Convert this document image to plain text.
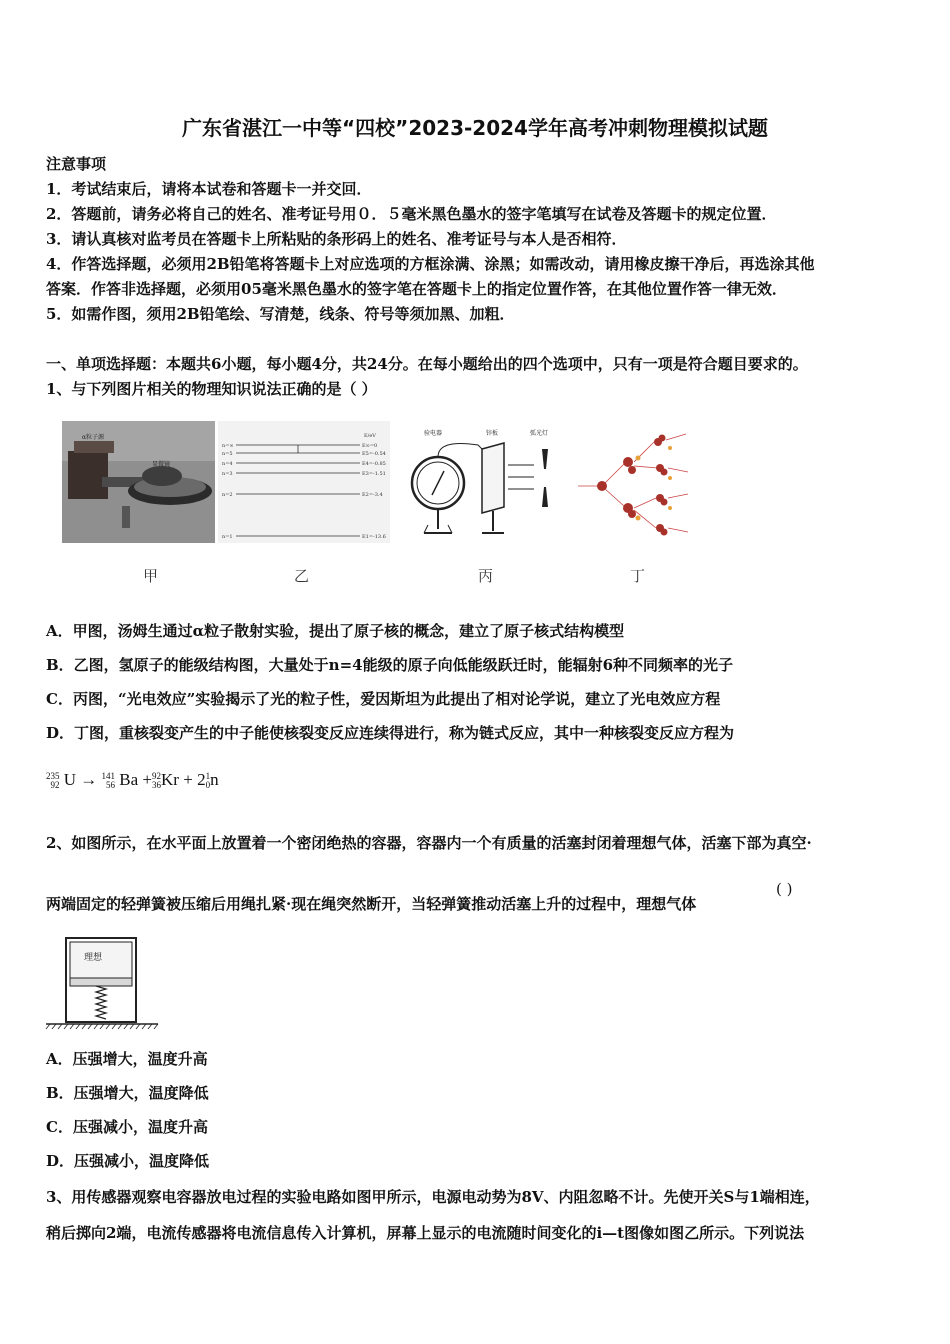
广东省湛江一中等“四校”2023-2024学年高考冲刺物理模拟试题
注意事项
1．考试结束后，请将本试卷和答题卡一并交回．
2．答题前，请务必将自己的姓名、准考证号用０．５毫米黑色墨水的签字笔填写在试卷及答题卡的规定位置．
3．请认真核对监考员在答题卡上所粘贴的条形码上的姓名、准考证号与本人是否相符．
4．作答选择题，必须用2B铅笔将答题卡上对应选项的方框涂满、涂黑；如需改动，请用橡皮擦干净后，再选涂其他
答案．作答非选择题，必须用05毫米黑色墨水的签字笔在答题卡上的指定位置作答，在其他位置作答一律无效．
5．如需作图，须用2B铅笔绘、写清楚，线条、符号等须加黑、加粗．
一、单项选择题：本题共6小题，每小题4分，共24分。在每小题给出的四个选项中，只有一项是符合题目要求的。
1、与下列图片相关的物理知识说法正确的是（ ）
α粒子源
显微镜
n=∞
n=5
n=4
n=3
n=2
n=1
E/eV
E∞=0
E5=-0.54
E4=-0.85
E3=-1.51
E2=-3.4
E1=-13.6
验电器	锌板	弧光灯
甲	乙	丙	丁
A．甲图，汤姆生通过α粒子散射实验，提出了原子核的概念，建立了原子核式结构模型
B．乙图，氢原子的能级结构图，大量处于n=4能级的原子向低能级跃迁时，能辐射6种不同频率的光子
C．丙图，“光电效应”实验揭示了光的粒子性，爱因斯坦为此提出了相对论学说，建立了光电效应方程
D．丁图，重核裂变产生的中子能使核裂变反应连续得进行，称为链式反应，其中一种核裂变反应方程为
235
92 U → 141
56 Ba +92
36Kr + 21
0n
2、如图所示，在水平面上放置着一个密闭绝热的容器，容器内一个有质量的活塞封闭着理想气体，活塞下部为真空·
两端固定的轻弹簧被压缩后用绳扎紧·现在绳突然断开，当轻弹簧推动活塞上升的过程中，理想气体
( )
理想
A．压强增大，温度升高
B．压强增大，温度降低
C．压强减小，温度升高
D．压强减小，温度降低
3、用传感器观察电容器放电过程的实验电路如图甲所示，电源电动势为8V、内阻忽略不计。先使开关S与1端相连，
稍后掷向2端，电流传感器将电流信息传入计算机，屏幕上显示的电流随时间变化的i—t图像如图乙所示。下列说法
